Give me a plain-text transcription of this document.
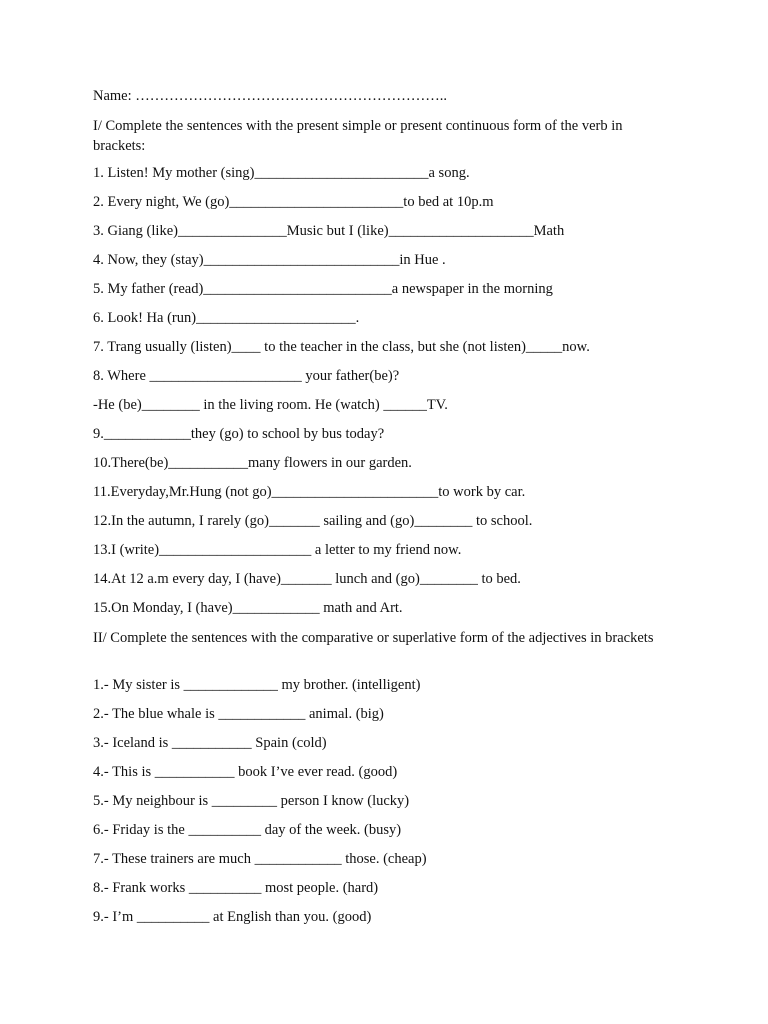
Name: ………………………………………………………..
I/ Complete the sentences with the present simple or present continuous form of the verb in brackets:
1. Listen! My mother (sing)________________________a song.
2. Every night, We (go)________________________to bed at 10p.m
3. Giang (like)_______________Music but I (like)____________________Math
4. Now, they (stay)___________________________in Hue .
5. My father (read)__________________________a newspaper in the morning
6. Look! Ha (run)______________________.
7. Trang usually (listen)____ to the teacher in the class, but she (not listen)_____now.
8. Where _____________________ your father(be)?
-He (be)________ in the living room. He (watch) ______TV.
9.____________they (go) to school by bus today?
10.There(be)___________many flowers in our garden.
11.Everyday,Mr.Hung (not go)_______________________to work by car.
12.In the autumn, I rarely (go)_______ sailing and (go)________ to school.
13.I (write)_____________________ a letter to my friend now.
14.At 12 a.m every day, I (have)_______ lunch and (go)________ to bed.
15.On Monday, I (have)____________ math and Art.
II/ Complete the sentences with the comparative or superlative form of the adjectives in brackets
1.- My sister is _____________ my brother. (intelligent)
2.- The blue whale is ____________ animal. (big)
3.- Iceland is ___________ Spain (cold)
4.- This is ___________ book I’ve ever read. (good)
5.- My neighbour is _________ person I know (lucky)
6.- Friday is the __________ day of the week. (busy)
7.- These trainers are much ____________ those. (cheap)
8.- Frank works __________ most people. (hard)
9.- I’m __________ at English than you. (good)
